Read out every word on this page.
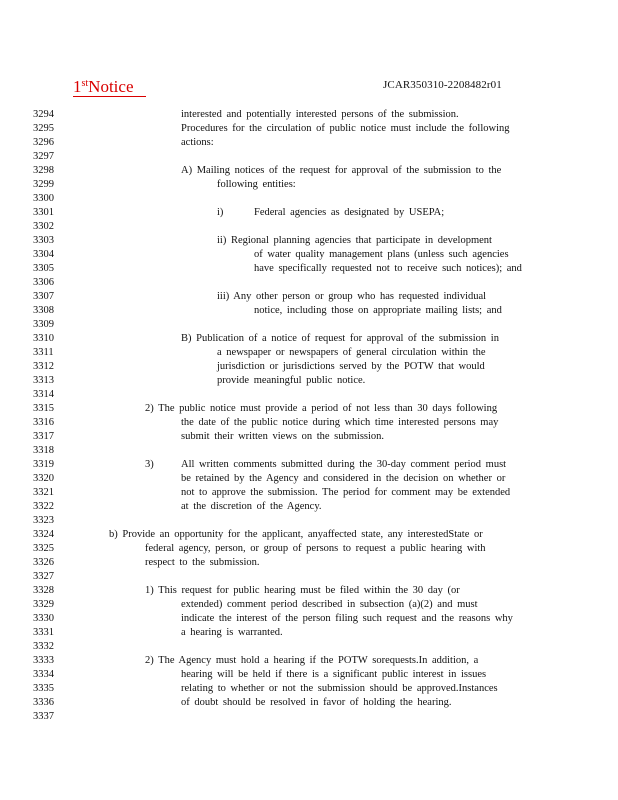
1stNotice	JCAR350310-2208482r01
3294
3295
3296
3297
3298
3299
3300
3301
3302
3303
3304
3305
3306
3307
3308
3309
3310
3311
3312
3313
3314
3315
3316
3317
3318
3319
3320
3321
3322
3323
3324
3325
3326
3327
3328
3329
3330
3331
3332
3333
3334
3335
3336
3337
interested and potentially interested persons of the submission.
Procedures for the circulation of public notice must include the following
actions:
A) Mailing notices of the request for approval of the submission to the
following entities:
i)	Federal agencies as designated by USEPA;
ii) Regional planning agencies that participate in development
of water quality management plans (unless such agencies
have specifically requested not to receive such notices); and
iii) Any other person or group who has requested individual
notice, including those on appropriate mailing lists; and
B) Publication of a notice of request for approval of the submission in
a newspaper or newspapers of general circulation within the
jurisdiction or jurisdictions served by the POTW that would
provide meaningful public notice.
2) The public notice must provide a period of not less than 30 days following
the date of the public notice during which time interested persons may
submit their written views on the submission.
3)	All written comments submitted during the 30-day comment period must
be retained by the Agency and considered in the decision on whether or
not to approve the submission. The period for comment may be extended
at the discretion of the Agency.
b) Provide an opportunity for the applicant, anyaffected state, any interestedState or
federal agency, person, or group of persons to request a public hearing with
respect to the submission.
1) This request for public hearing must be filed within the 30 day (or
extended) comment period described in subsection (a)(2) and must
indicate the interest of the person filing such request and the reasons why
a hearing is warranted.
2) The Agency must hold a hearing if the POTW sorequests.In addition, a
hearing will be held if there is a significant public interest in issues
relating to whether or not the submission should be approved.Instances
of doubt should be resolved in favor of holding the hearing.
